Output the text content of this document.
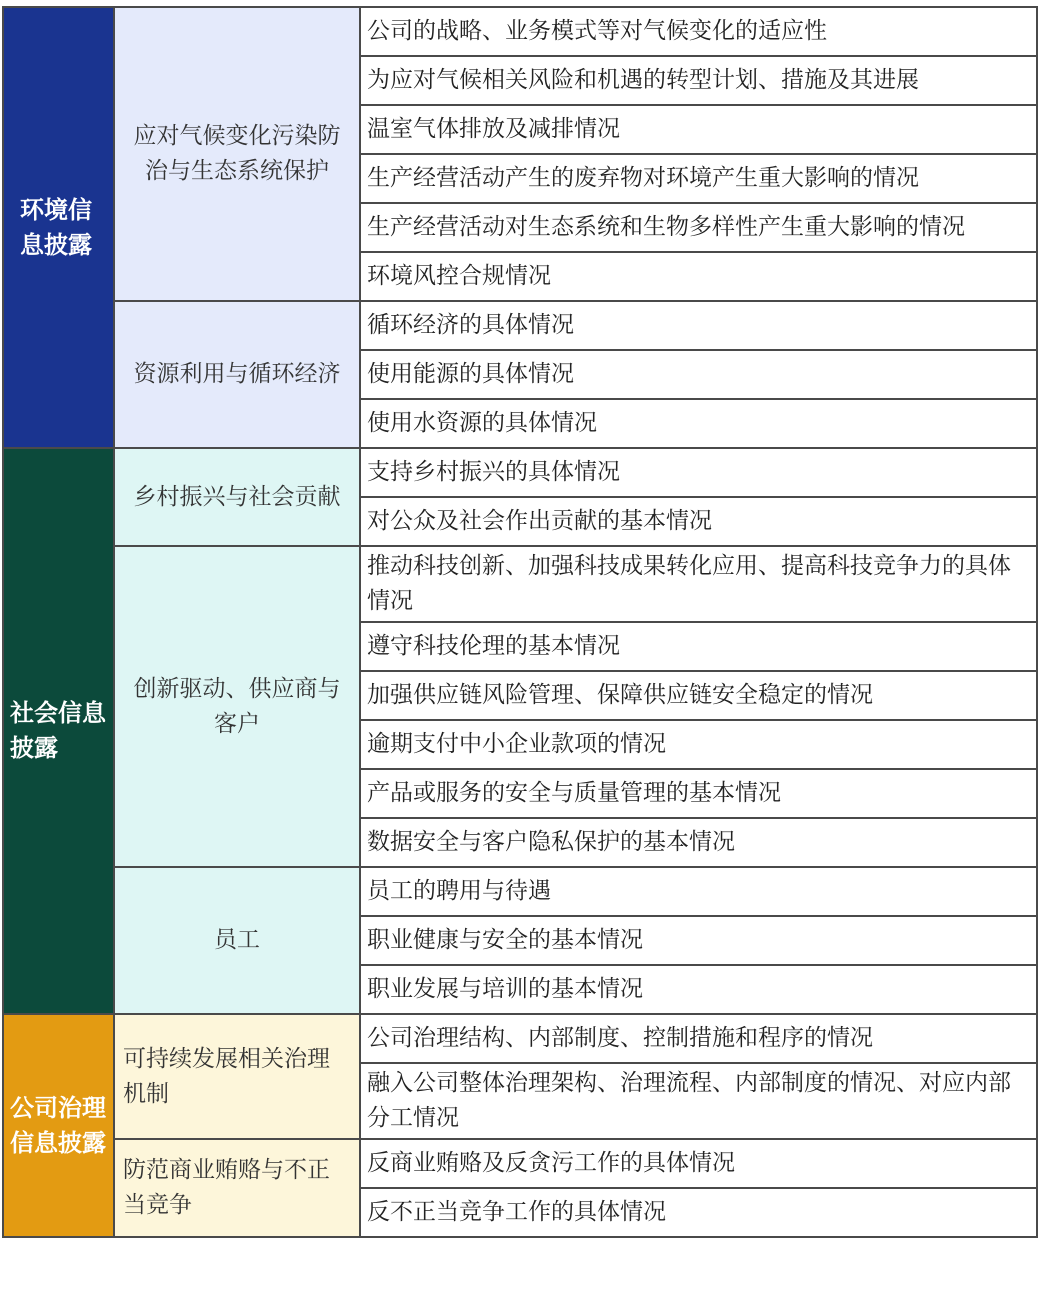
环境信息披露	应对气候变化污染防治与生态系统保护	公司的战略、业务模式等对气候变化的适应性
		为应对气候相关风险和机遇的转型计划、措施及其进展
		温室气体排放及减排情况
		生产经营活动产生的废弃物对环境产生重大影响的情况
		生产经营活动对生态系统和生物多样性产生重大影响的情况
		环境风控合规情况
	资源利用与循环经济	循环经济的具体情况
		使用能源的具体情况
		使用水资源的具体情况
社会信息披露	乡村振兴与社会贡献	支持乡村振兴的具体情况
		对公众及社会作出贡献的基本情况
	创新驱动、供应商与客户	推动科技创新、加强科技成果转化应用、提高科技竞争力的具体情况
		遵守科技伦理的基本情况
		加强供应链风险管理、保障供应链安全稳定的情况
		逾期支付中小企业款项的情况
		产品或服务的安全与质量管理的基本情况
		数据安全与客户隐私保护的基本情况
	员工	员工的聘用与待遇
		职业健康与安全的基本情况
		职业发展与培训的基本情况
公司治理信息披露	可持续发展相关治理机制	公司治理结构、内部制度、控制措施和程序的情况
		融入公司整体治理架构、治理流程、内部制度的情况、对应内部分工情况
	防范商业贿赂与不正当竞争	反商业贿赂及反贪污工作的具体情况
		反不正当竞争工作的具体情况
